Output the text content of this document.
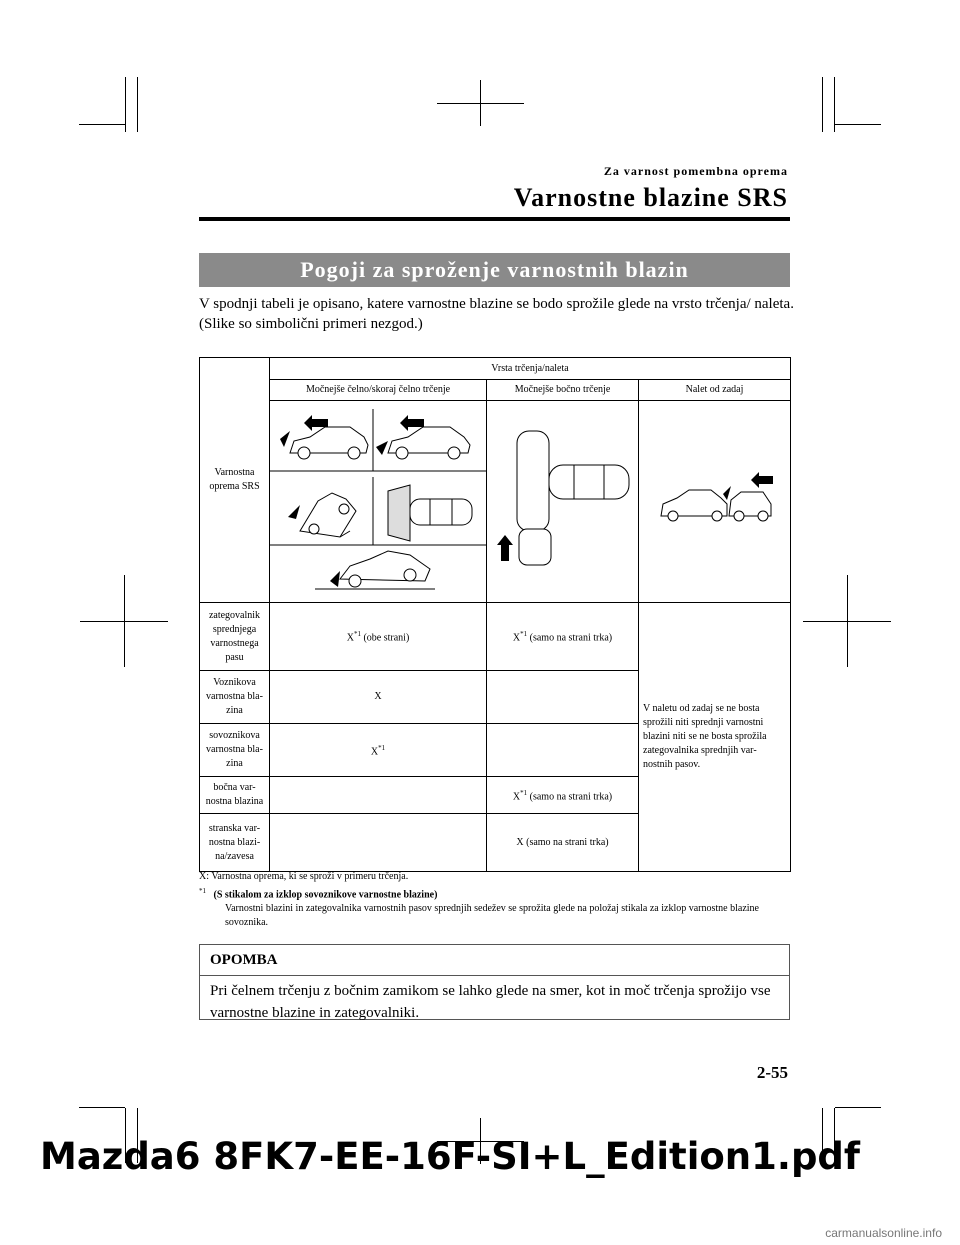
Za varnost pomembna oprema
Varnostne blazine SRS
Pogoji za sproženje varnostnih blazin

V spodnji tabeli je opisano, katere varnostne blazine se bodo sprožile glede na vrsto trčenja/ naleta.

(Slike so simbolični primeri nezgod.)

Varnostna oprema SRS	Vrsta trčenja/naleta		
	Močnejše čelno/skoraj čelno trčenje	Močnejše bočno trčenje	Nalet od zadaj

zategovalnik sprednjega varnostnega pasu	$X^{*1}$ (obe strani)	$X^{*1}$ (samo na strani trka)	V naletu od zadaj se ne bosta sprožili niti sprednji varnostni blazini niti se ne bosta sprožila zategovalnika sprednjih var-nostnih pasov.
Voznikova varnostna bla-zina	X		
sovoznikova varnostna bla-zina	$X^{*1}$	
bočna var-nostna blazina		$X^{*1}$ (samo na strani trka)	
stranska var-nostna blazi-na/zavesa		X (samo na strani trka)	
X: Varnostna oprema, ki se sproži v primeru trčenja.
$^{*1}$ (S stikalom za izklop sovoznikove varnostne blazine)
Varnostni blazini in zategovalnika varnostnih pasov sprednjih sedežev se sprožita glede na položaj stikala za izklop varnostne blazine sovoznika.
OPOMBA
Pri čelnem trčenju z bočnim zamikom se lahko glede na smer, kot in moč trčenja sprožijo vse varnostne blazine in zategovalniki.
2-55
Mazda6 8FK7-EE-16F-SI+L_Edition1.pdf
carmanualsonline.info
